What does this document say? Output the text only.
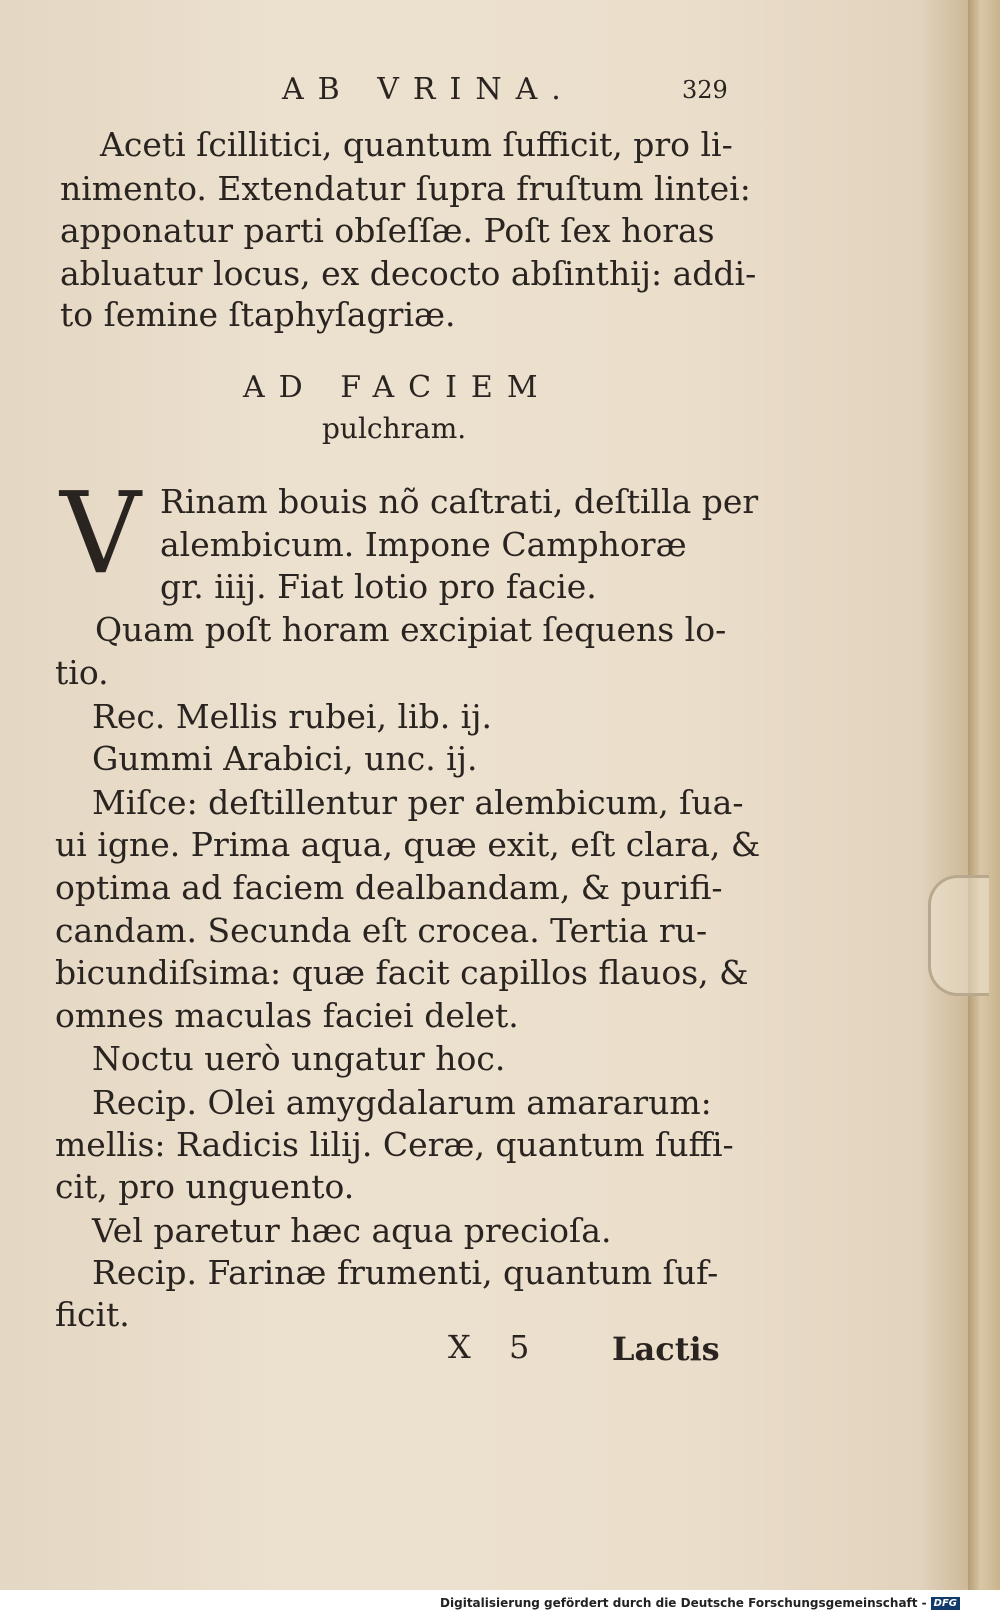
AB VRINA.	329
Aceti ſcillitici, quantum ſufficit, pro li-
nimento. Extendatur ſupra fruſtum lintei:
apponatur parti obſeſſæ. Poſt ſex horas
abluatur locus, ex decocto abſinthij: addi-
to ſemine ſtaphyſagriæ.
AD FACIEM
pulchram.
V Rinam bouis nõ caſtrati, deſtilla per
alembicum. Impone Camphoræ
gr. iiij. Fiat lotio pro facie.
Quam poſt horam excipiat ſequens lo-
tio.
Rec. Mellis rubei, lib. ij.
Gummi Arabici, unc. ij.
Miſce: deſtillentur per alembicum, ſua-
ui igne. Prima aqua, quæ exit, eſt clara, &
optima ad faciem dealbandam, & purifi-
candam. Secunda eſt crocea. Tertia ru-
bicundiſsima: quæ facit capillos flauos, &
omnes maculas faciei delet.
Noctu uerò ungatur hoc.
Recip. Olei amygdalarum amararum:
mellis: Radicis lilij. Ceræ, quantum ſuffi-
cit, pro unguento.
Vel paretur hæc aqua precioſa.
Recip. Farinæ frumenti, quantum ſuf-
ficit.
X 5 Lactis
Digitalisierung gefördert durch die Deutsche Forschungsgemeinschaft - DFG
